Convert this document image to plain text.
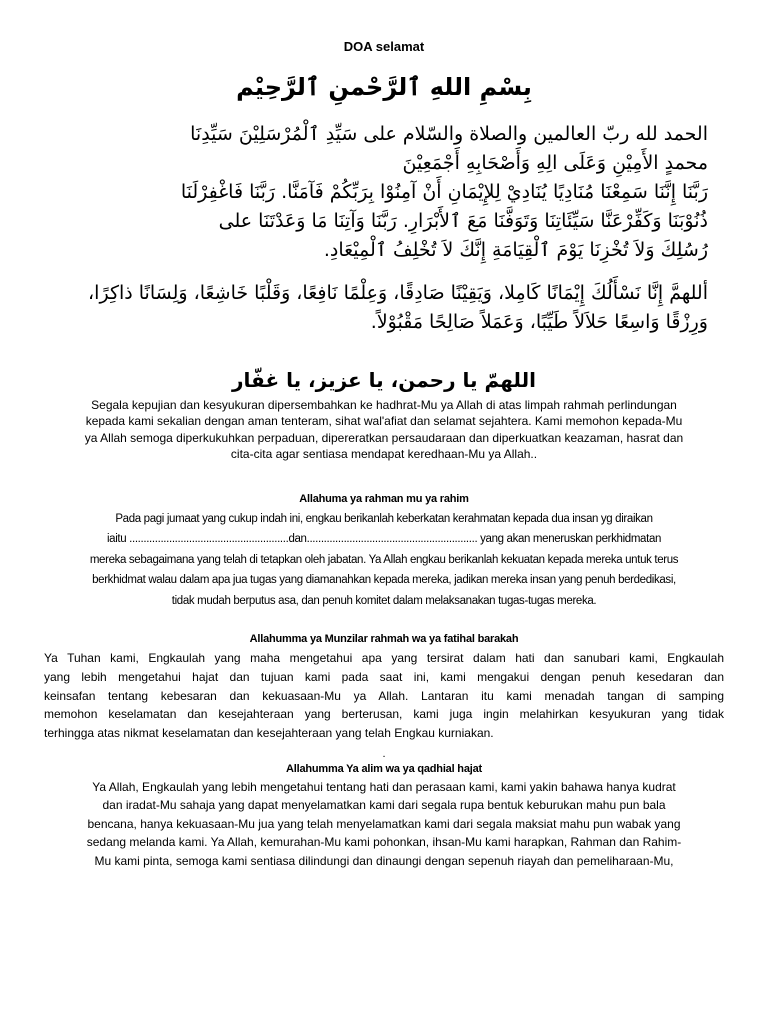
DOA selamat

بِسْمِ اللهِ ٱلرَّحْمنِ ٱلرَّحِيْم

الحمد لله ربّ العالمين والصلاة والسّلام على سَيِّدِ ٱلْمُرْسَلِيْنَ سَيِّدِنَا
محمدٍ الأَمِيْنِ وَعَلَى الِهِ وَأَصْحَابِهِ أَجْمَعِيْنَ
رَبَّنَا إِنَّنَا سَمِعْنَا مُنَادِيًا يُنَادِيْ لِلإِيْمَانِ أَنْ آمِنُوْا بِرَبِّكُمْ فَآمَنَّا. رَبَّنَا فَاغْفِرْلَنَا
ذُنُوْبَنَا وَكَفِّرْعَنَّا سَيِّئَاتِنَا وَتَوَفَّنَا مَعَ ٱلأَبْرَارِ. رَبَّنَا وَآتِنَا مَا وَعَدْتَنَا على
رُسُلِكَ وَلاَ تُخْزِنَا يَوْمَ ٱلْقِيَامَةِ إِنَّكَ لاَ تُخْلِفُ ٱلْمِيْعَادِ.
أللهمَّ إِنَّا نَسْأَلُكَ إِيْمَانًا كَامِلا، وَيَقِيْنًا صَادِقًا، وَعِلْمًا نَافِعًا، وَقَلْبًا خَاشِعًا، وَلِسَانًا ذاكِرًا، وَرِزْقًا وَاسِعًا حَلاَلاً طَيِّبًا، وَعَمَلاً صَالِحًا مَقْبُوْلاً.

اللهمّ يا رحمن، يا عزيز، يا غفّار

Segala kepujian dan kesyukuran dipersembahkan ke hadhrat-Mu ya Allah di atas limpah rahmah perlindungan
kepada kami sekalian dengan aman tenteram, sihat wal'afiat dan selamat sejahtera. Kami memohon kepada-Mu
ya Allah semoga diperkukuhkan perpaduan, dipereratkan persaudaraan dan diperkuatkan keazaman, hasrat dan
cita-cita agar sentiasa mendapat keredhaan-Mu ya Allah..

Allahuma ya rahman mu ya rahim

Pada pagi jumaat yang cukup indah ini, engkau berikanlah keberkatan kerahmatan kepada dua insan yg diraikan
iaitu ........................................................dan............................................................ yang akan meneruskan perkhidmatan
mereka sebagaimana yang telah di tetapkan oleh jabatan. Ya Allah engkau berikanlah kekuatan kepada mereka untuk terus
berkhidmat walau dalam apa jua tugas yang diamanahkan kepada mereka, jadikan mereka insan yang penuh berdedikasi,
tidak mudah berputus asa, dan penuh komitet dalam melaksanakan tugas-tugas mereka.

Allahumma ya Munzilar rahmah wa ya fatihal barakah

Ya Tuhan kami, Engkaulah yang maha mengetahui apa yang tersirat dalam hati dan sanubari kami, Engkaulah
yang lebih mengetahui hajat dan tujuan kami pada saat ini, kami mengakui dengan penuh kesedaran dan
keinsafan tentang kebesaran dan kekuasaan-Mu ya Allah. Lantaran itu kami menadah tangan di samping
memohon keselamatan dan kesejahteraan yang berterusan, kami juga ingin melahirkan kesyukuran yang tidak
terhingga atas nikmat keselamatan dan kesejahteraan yang telah Engkau kurniakan.

.

Allahumma Ya alim wa ya qadhial hajat

Ya Allah, Engkaulah yang lebih mengetahui tentang hati dan perasaan kami, kami yakin bahawa hanya kudrat
dan iradat-Mu sahaja yang dapat menyelamatkan kami dari segala rupa bentuk keburukan mahu pun bala
bencana, hanya kekuasaan-Mu jua yang telah menyelamatkan kami dari segala maksiat mahu pun wabak yang
sedang melanda kami. Ya Allah, kemurahan-Mu kami pohonkan, ihsan-Mu kami harapkan, Rahman dan Rahim-
Mu kami pinta, semoga kami sentiasa dilindungi dan dinaungi dengan sepenuh riayah dan pemeliharaan-Mu,
